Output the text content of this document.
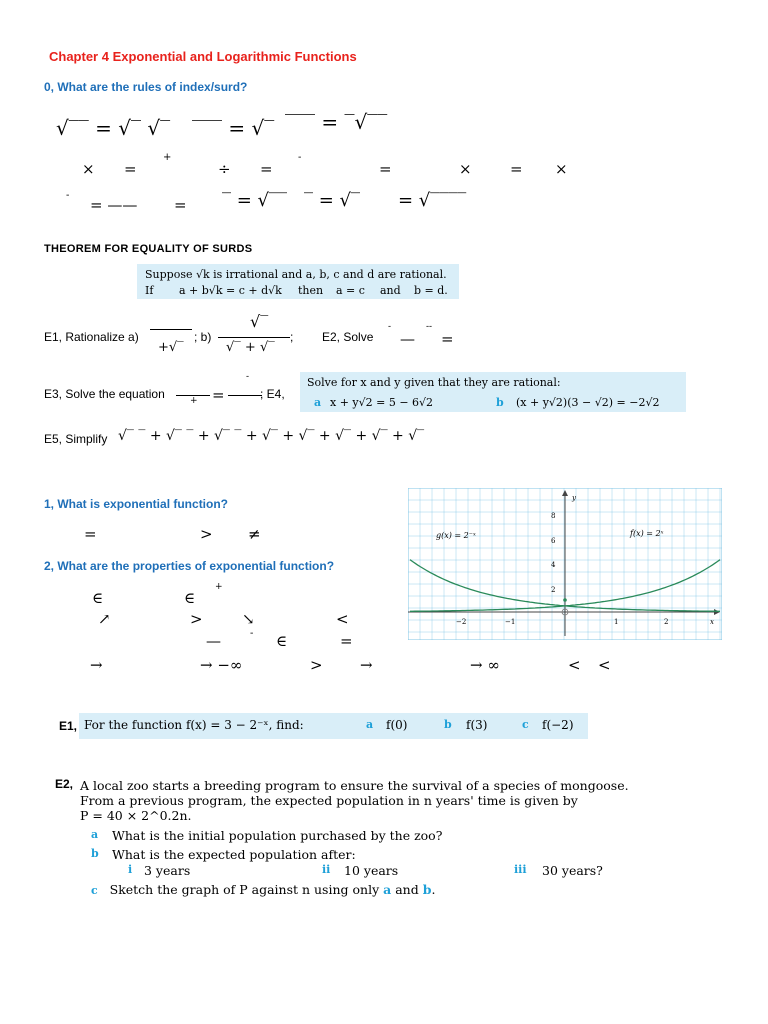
Chapter 4 Exponential and Logarithmic Functions
0, What are the rules of index/surd?
√‾‾ = √‾ √‾ ‾‾‾ = √‾ ‾‾‾ = ‾√‾‾
× =
+
÷ =
-
=	×	= ×
-
= —— = ‾ = √‾‾ ‾ = √‾ = √‾‾‾‾
THEOREM FOR EQUALITY OF SURDS
Suppose √k is irrational and a, b, c and d are rational.
If a + b√k = c + d√k then a = c and b = d.
E1, Rationalize a)
+√‾
; b)
√‾
√‾ + √‾
; E2, Solve
-
—
--
=
E3, Solve the equation	+ =
-
; E4,
Solve for x and y given that they are rational:
a x + y√2 = 5 − 6√2	b (x + y√2)(3 − √2) = −2√2
E5, Simplify √‾ ‾ + √‾ ‾ + √‾ ‾ + √‾ + √‾ + √‾ + √‾ + √‾
1, What is exponential function?
=	> ≠
2, What are the properties of exponential function?
∈	∈
+
↗	>	↘	<
—	- ∈	=
→	→ −∞	> →	→ ∞	< <
g(x) = 2⁻ˣ	f(x) = 2ˣ
y
x
8
6
4
2
−2	−1	1	2
E1, For the function f(x) = 3 − 2⁻ˣ, find:	a f(0)	b f(3)	c f(−2)
E2, A local zoo starts a breeding program to ensure the survival of a species of mongoose.
From a previous program, the expected population in n years' time is given by
P = 40 × 2^0.2n.
a What is the initial population purchased by the zoo?
b What is the expected population after:
i 3 years	ii 10 years	iii 30 years?
c Sketch the graph of P against n using only a and b.
